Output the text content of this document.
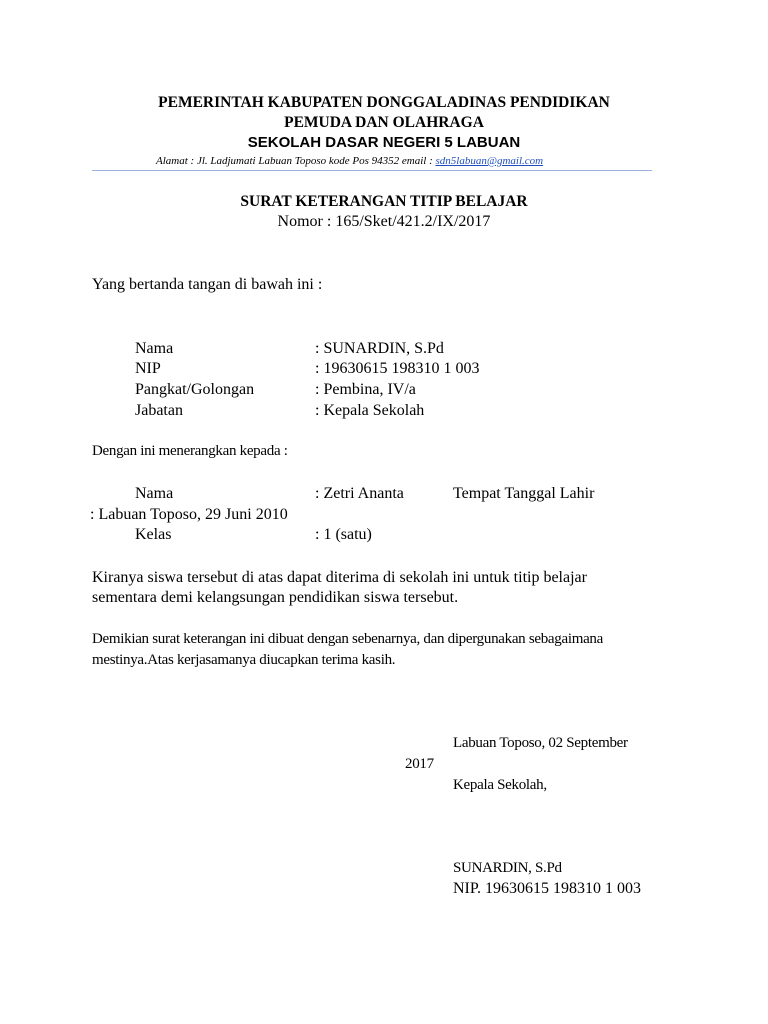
PEMERINTAH KABUPATEN DONGGALADINAS PENDIDIKAN
PEMUDA DAN OLAHRAGA
SEKOLAH DASAR NEGERI 5 LABUAN
Alamat : Jl. Ladjumati Labuan Toposo kode Pos 94352 email : sdn5labuan@gmail.com
SURAT KETERANGAN TITIP BELAJAR
Nomor : 165/Sket/421.2/IX/2017
Yang bertanda tangan di bawah ini :
Nama	: SUNARDIN, S.Pd
NIP	: 19630615 198310 1 003
Pangkat/Golongan	: Pembina, IV/a
Jabatan	: Kepala Sekolah
Dengan ini menerangkan kepada :
Nama	: Zetri Ananta	Tempat Tanggal Lahir
: Labuan Toposo, 29 Juni 2010
Kelas	: 1 (satu)
Kiranya siswa tersebut di atas dapat diterima di sekolah ini untuk titip belajar
sementara demi kelangsungan pendidikan siswa tersebut.
Demikian surat keterangan ini dibuat dengan sebenarnya, dan dipergunakan sebagaimana
mestinya.Atas kerjasamanya diucapkan terima kasih.
Labuan Toposo, 02 September
2017
Kepala Sekolah,
SUNARDIN, S.Pd
NIP. 19630615 198310 1 003
